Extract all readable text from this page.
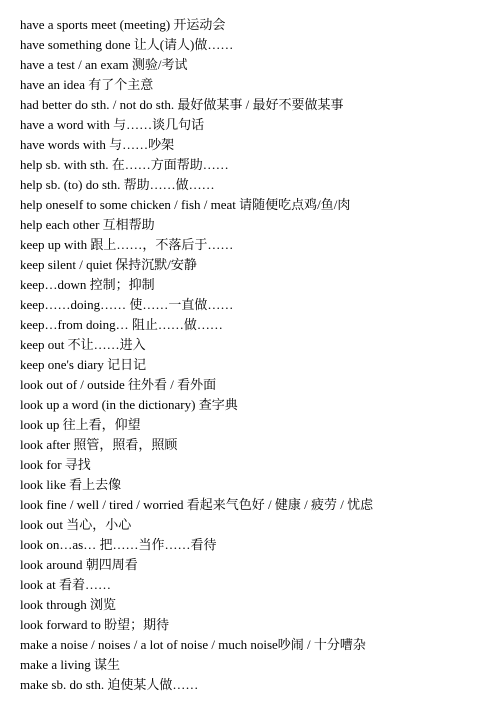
have a sports meet (meeting) 开运动会
have something done 让人(请人)做……
have a test / an exam 测验/考试
have an idea 有了个主意
had better do sth. / not do sth. 最好做某事 / 最好不要做某事
have a word with 与……谈几句话
have words with 与……吵架
help sb. with sth. 在……方面帮助……
help sb. (to) do sth. 帮助……做……
help oneself to some chicken / fish / meat 请随便吃点鸡/鱼/肉
help each other 互相帮助
keep up with 跟上……，不落后于……
keep silent / quiet 保持沉默/安静
keep…down 控制；抑制
keep……doing…… 使……一直做……
keep…from doing… 阻止……做……
keep out 不让……进入
keep one's diary 记日记
look out of / outside 往外看 / 看外面
look up a word (in the dictionary) 查字典
look up 往上看，仰望
look after 照管，照看，照顾
look for 寻找
look like 看上去像
look fine / well / tired / worried 看起来气色好 / 健康 / 疲劳 / 忧虑
look out 当心，小心
look on…as… 把……当作……看待
look around 朝四周看
look at 看着……
look through 浏览
look forward to 盼望；期待
make a noise / noises / a lot of noise / much noise吵闹 / 十分嘈杂
make a living 谋生
make sb. do sth. 迫使某人做……
